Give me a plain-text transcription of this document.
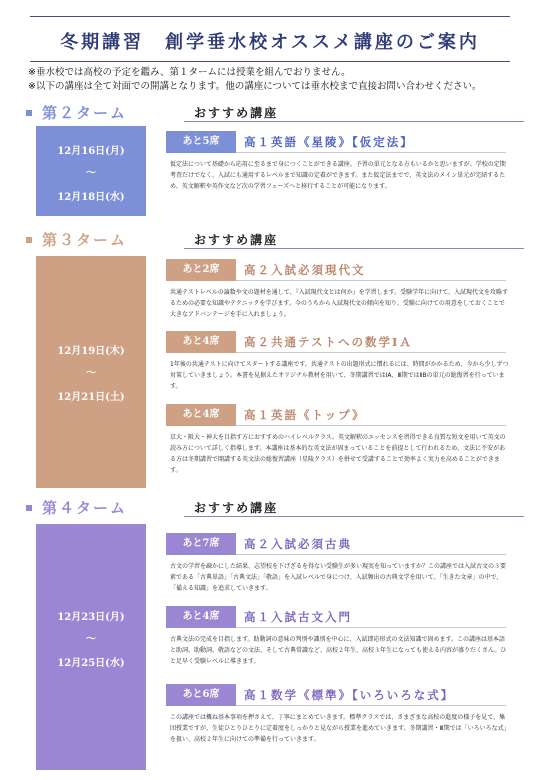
冬期講習　創学垂水校オススメ講座のご案内
※垂水校では高校の予定を鑑み、第１タームには授業を組んでおりません。
※以下の講座は全て対面での開講となります。他の講座については垂水校まで直接お問い合わせください。
第２ターム	おすすめ講座
12月16日(月)
～
12月18日(水)
あと5席	高１英語《星陵》【仮定法】
仮定法について基礎から応用に至るまで身につくことができる講座。予習の単元となる方もいるかと思いますが、学校の定期考査だけでなく、入試にも通用するレベルまで知識の定着ができます。また仮定法までで、英文法のメイン単元が完結するため、英文解釈や英作文など次の学習フェーズへと移行することが可能になります。
第３ターム	おすすめ講座
12月19日(木)
～
12月21日(土)
あと2席	高２入試必須現代文
共通テストレベルの論数や文の題材を通して、『入試現代文とは何か』を学習します。受験学年に向けて、入試現代文を攻略するための必要な知識やテクニックを学びます。今のうちから入試現代文の傾向を知り、受験に向けての用意をしておくことで大きなアドバンテージを手に入れましょう。
あと4席	高２共通テストへの数学ⅠＡ
1年後の共通テストに向けてスタートする講座です。共通テストの出題形式に慣れるには、時間がかかるため、今から少しずつ対策していきましょう。本書を見据えたオリジナル教材を用いて、冬期講習ではⅠA、Ⅲ期ではⅡBの単元の総復習を行っています。
あと4席	高１英語《トップ》
京大・阪大・神大を目指す方におすすめのハイレベルクラス。英文解釈のエッセンスを習得できる良質な短文を用いて英文の読み方について詳しく指導します。本講座は基本的な英文法が固まっていることを前提として行われるため、文法に不安がある方は冬期講習で開講する英文法の総復習講座（星陵クラス）を併せて受講することで効率よく実力を高めることができます。
第４ターム	おすすめ講座
12月23日(月)
～
12月25日(水)
あと7席	高２入試必須古典
古文の学習を疎かにした結果、志望校を下げざるを得ない受験生が多い現実を知っていますか？この講座では入試古文の３要素である「古典単語」「古典文法」「敬語」を入試レベルで身につけ、入試頻出の古典文学を用いて、「生きた文章」の中で、「備える知識」を追求していきます。
あと4席	高１入試古文入門
古典文法の完成を目指します。助動詞の意味の判別や識別を中心に、入試即応形式の文法知識で固めます。この講座は基本語と助詞、助動詞、敬語などの文法、そして古典常識など、高校２年生、高校３年生になっても使える内容が盛りだくさん。ひと足早く受験レベルに導きます。
あと6席	高１数学《標準》【いろいろな式】
この講座では概ね基本事項を押さえて、丁寧にまとめていきます。標準クラスでは、さまざまな高校の進度の様子を見て、集団授業ですが、生徒ひとりひとりに定着度をしっかりと見ながら授業を進めていきます。冬期講習・Ⅲ期では「いろいろな式」を扱い、高校２年生に向けての準備を行っていきます。
